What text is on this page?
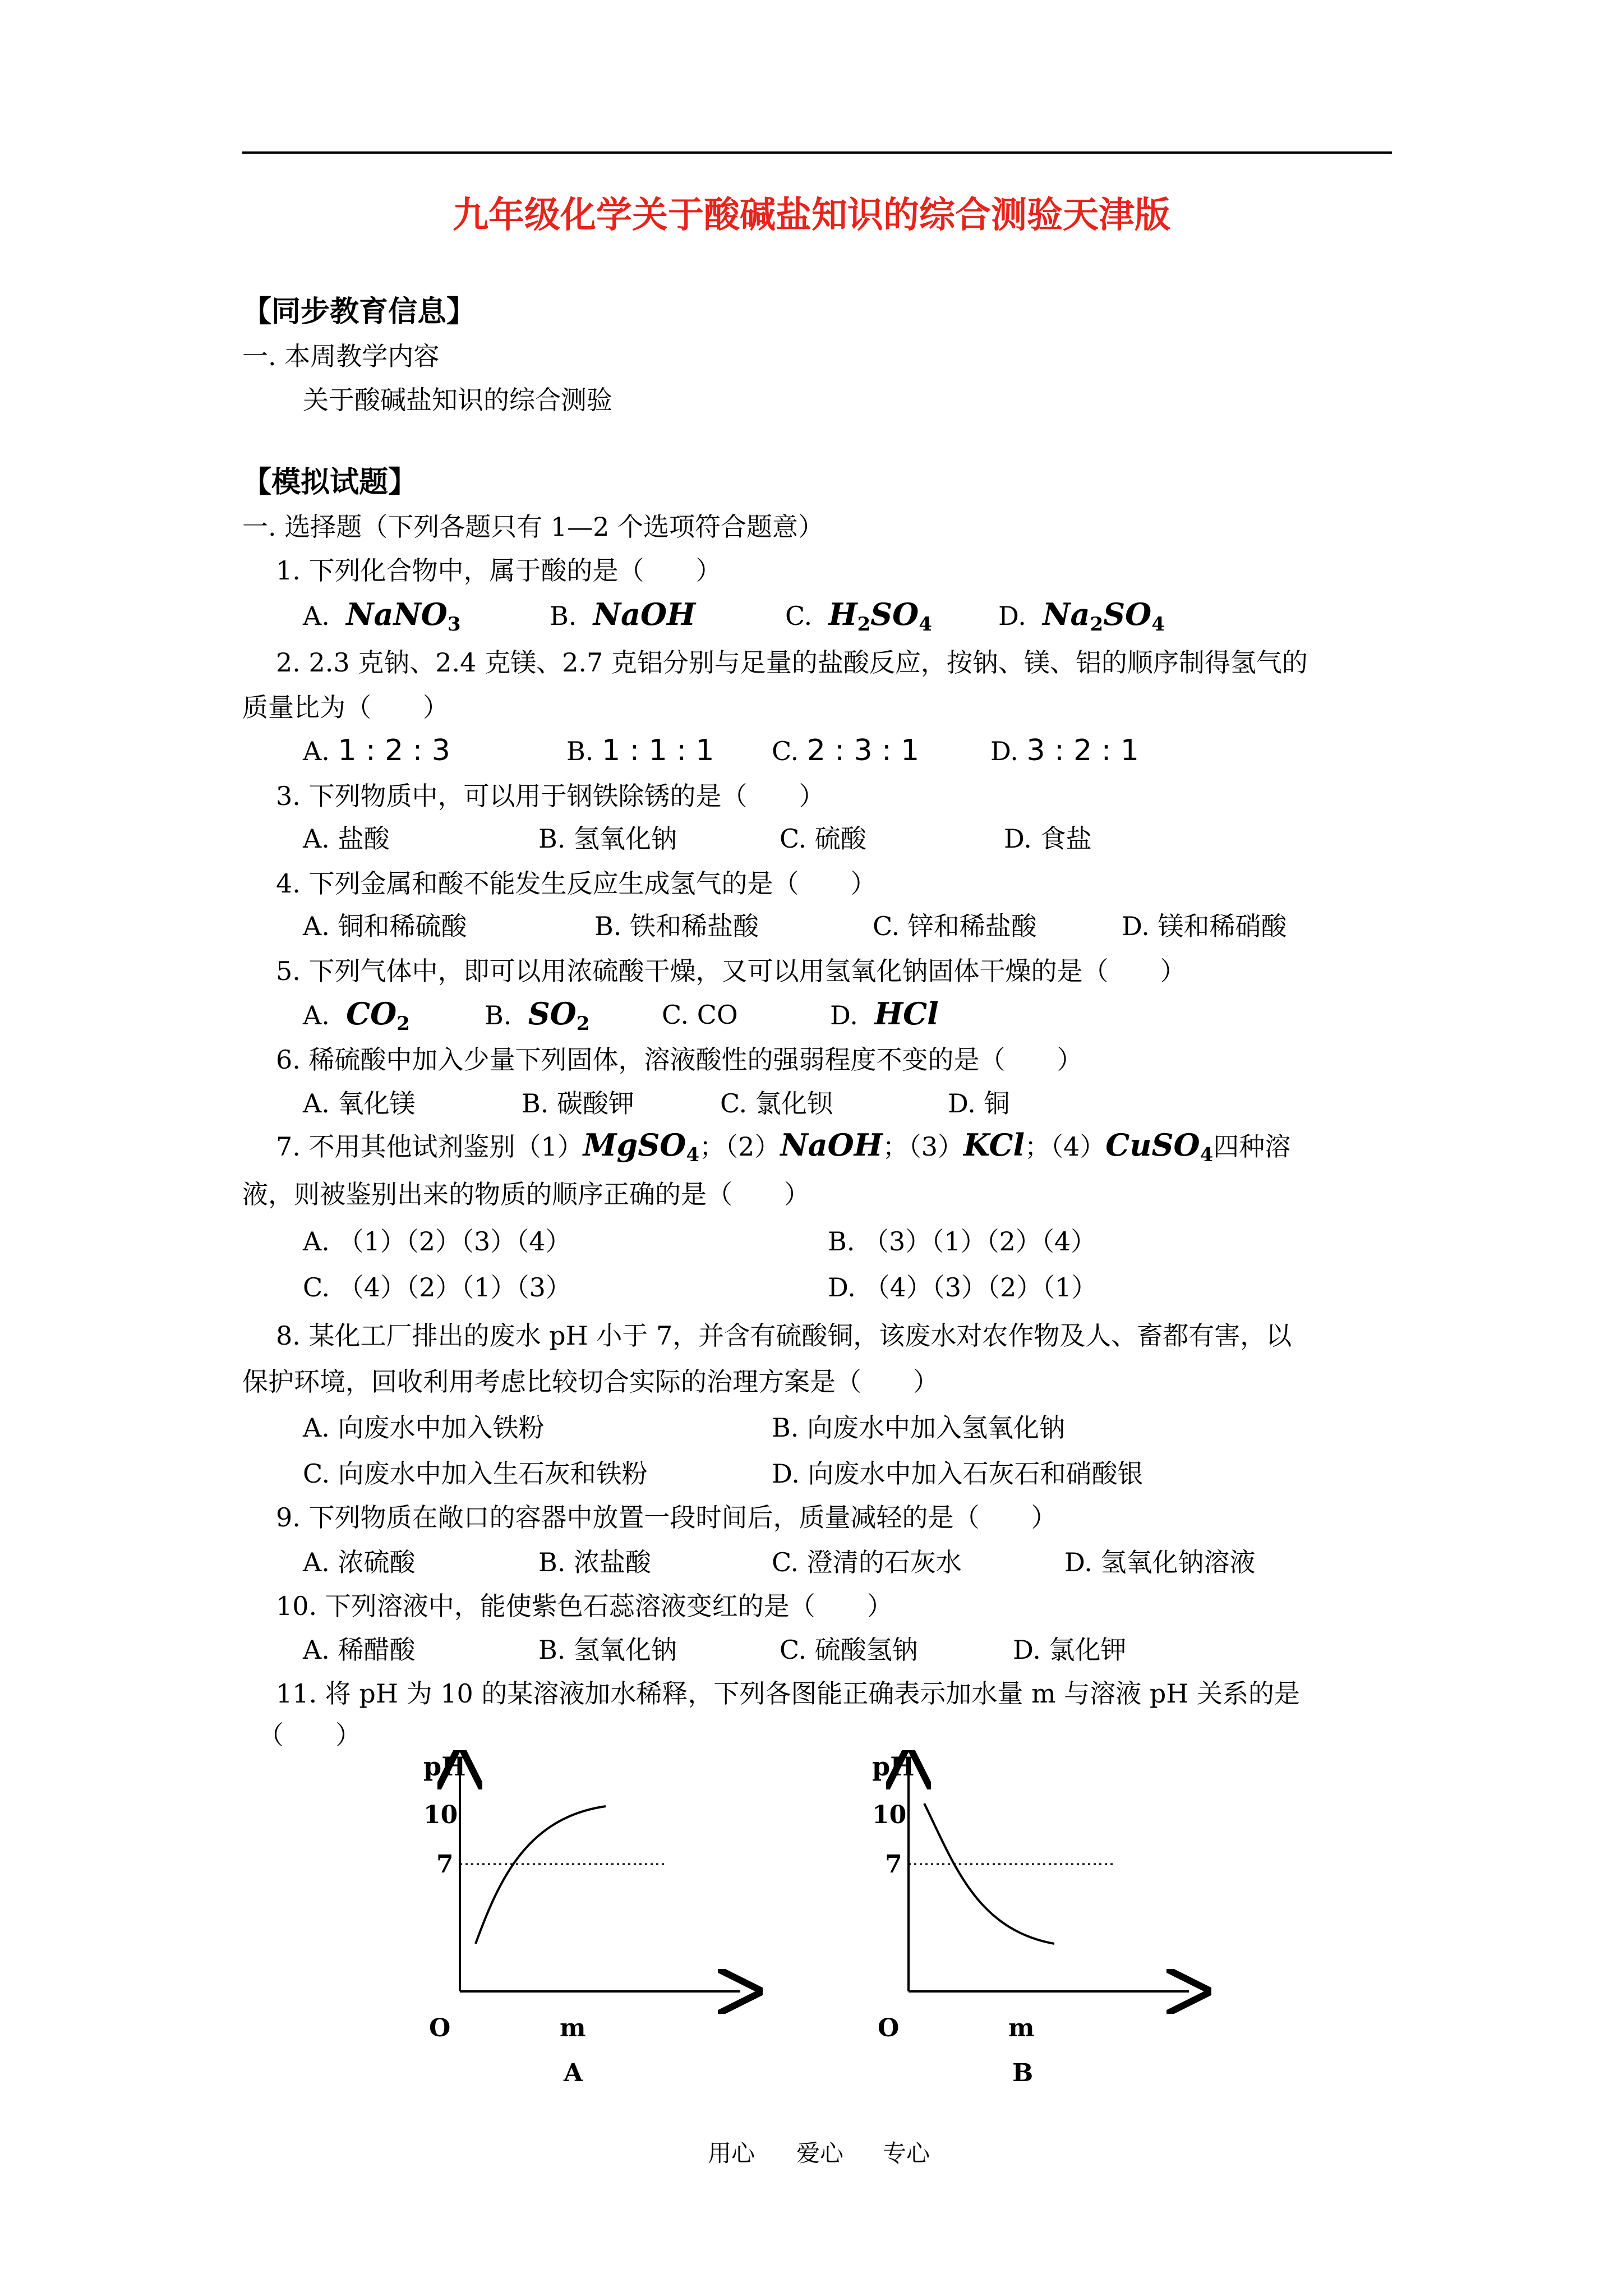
九年级化学关于酸碱盐知识的综合测验天津版
【同步教育信息】
一. 本周教学内容
关于酸碱盐知识的综合测验
【模拟试题】
一. 选择题（下列各题只有 1—2 个选项符合题意）
1. 下列化合物中，属于酸的是（　　）
A. NaNO$_3$	B. NaOH	C. $H_2SO_4$	D. $Na_2SO_4$
2. 2.3 克钠、2.4 克镁、2.7 克铝分别与足量的盐酸反应，按钠、镁、铝的顺序制得氢气的
质量比为（　　）
A. 1 : 2 : 3	B. 1 : 1 : 1 C. 2 : 3 : 1	D. 3 : 2 : 1
3. 下列物质中，可以用于钢铁除锈的是（　　）
A. 盐酸	B. 氢氧化钠	C. 硫酸	D. 食盐
4. 下列金属和酸不能发生反应生成氢气的是（　　）
A. 铜和稀硫酸	B. 铁和稀盐酸	C. 锌和稀盐酸	D. 镁和稀硝酸
5. 下列气体中，即可以用浓硫酸干燥，又可以用氢氧化钠固体干燥的是（　　）
A. $CO_2$	B. $SO_2$	C. CO	D. HCl
6. 稀硫酸中加入少量下列固体，溶液酸性的强弱程度不变的是（　　）
A. 氧化镁	B. 碳酸钾	C. 氯化钡	D. 铜
7. 不用其他试剂鉴别（1）MgSO$_4$；（2）NaOH；（3）KCl；（4）CuSO$_4$四种溶
液，则被鉴别出来的物质的顺序正确的是（　　）
A. （1）（2）（3）（4）	B. （3）（1）（2）（4）
C. （4）（2）（1）（3）	D. （4）（3）（2）（1）
8. 某化工厂排出的废水 pH 小于 7，并含有硫酸铜，该废水对农作物及人、畜都有害，以
保护环境，回收利用考虑比较切合实际的治理方案是（　　）
A. 向废水中加入铁粉	B. 向废水中加入氢氧化钠
C. 向废水中加入生石灰和铁粉	D. 向废水中加入石灰石和硝酸银
9. 下列物质在敞口的容器中放置一段时间后，质量减轻的是（　　）
A. 浓硫酸	B. 浓盐酸	C. 澄清的石灰水	D. 氢氧化钠溶液
10. 下列溶液中，能使紫色石蕊溶液变红的是（　　）
A. 稀醋酸	B. 氢氧化钠	C. 硫酸氢钠	D. 氯化钾
11. 将 pH 为 10 的某溶液加水稀释，下列各图能正确表示加水量 m 与溶液 pH 关系的是
（　　）
pH
10
7
O	m
A
pH
10
7
O	m
B
用心 爱心 专心
